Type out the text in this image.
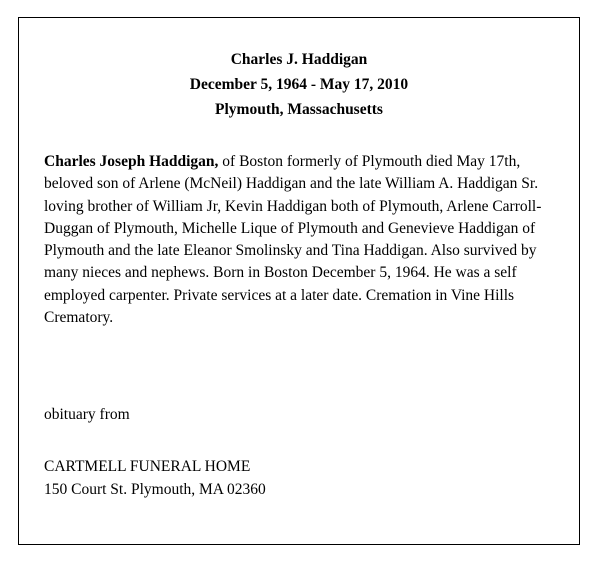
Charles J. Haddigan
December 5, 1964 - May 17, 2010
Plymouth, Massachusetts
Charles Joseph Haddigan, of Boston formerly of Plymouth died May 17th, beloved son of Arlene (McNeil) Haddigan and the late William A. Haddigan Sr. loving brother of William Jr, Kevin Haddigan both of Plymouth, Arlene Carroll- Duggan of Plymouth, Michelle Lique of Plymouth and Genevieve Haddigan of Plymouth and the late Eleanor Smolinsky and Tina Haddigan. Also survived by many nieces and nephews. Born in Boston December 5, 1964. He was a self employed carpenter. Private services at a later date. Cremation in Vine Hills Crematory.
obituary from
CARTMELL FUNERAL HOME
150 Court St. Plymouth, MA 02360
